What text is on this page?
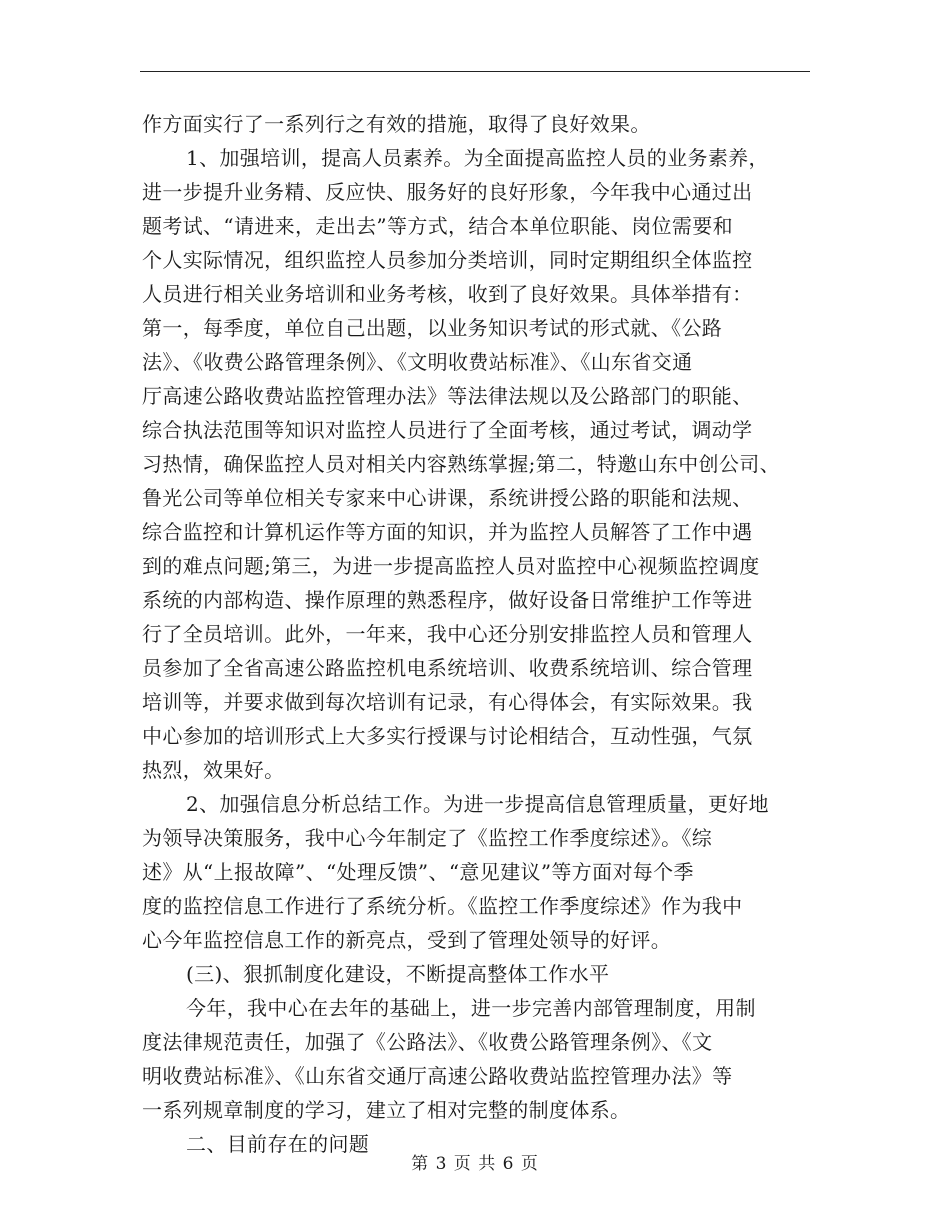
作方面实行了一系列行之有效的措施，取得了良好效果。
1、加强培训，提高人员素养。为全面提高监控人员的业务素养，
进一步提升业务精、反应快、服务好的良好形象，今年我中心通过出
题考试、“请进来，走出去”等方式，结合本单位职能、岗位需要和
个人实际情况，组织监控人员参加分类培训，同时定期组织全体监控
人员进行相关业务培训和业务考核，收到了良好效果。具体举措有：
第一，每季度，单位自己出题，以业务知识考试的形式就、《公路
法》、《收费公路管理条例》、《文明收费站标准》、《山东省交通
厅高速公路收费站监控管理办法》等法律法规以及公路部门的职能、
综合执法范围等知识对监控人员进行了全面考核，通过考试，调动学
习热情，确保监控人员对相关内容熟练掌握;第二，特邀山东中创公司、
鲁光公司等单位相关专家来中心讲课，系统讲授公路的职能和法规、
综合监控和计算机运作等方面的知识，并为监控人员解答了工作中遇
到的难点问题;第三，为进一步提高监控人员对监控中心视频监控调度
系统的内部构造、操作原理的熟悉程序，做好设备日常维护工作等进
行了全员培训。此外，一年来，我中心还分别安排监控人员和管理人
员参加了全省高速公路监控机电系统培训、收费系统培训、综合管理
培训等，并要求做到每次培训有记录，有心得体会，有实际效果。我
中心参加的培训形式上大多实行授课与讨论相结合，互动性强，气氛
热烈，效果好。
2、加强信息分析总结工作。为进一步提高信息管理质量，更好地
为领导决策服务，我中心今年制定了《监控工作季度综述》。《综
述》从“上报故障”、“处理反馈”、“意见建议”等方面对每个季
度的监控信息工作进行了系统分析。《监控工作季度综述》作为我中
心今年监控信息工作的新亮点，受到了管理处领导的好评。
(三)、狠抓制度化建设，不断提高整体工作水平
今年，我中心在去年的基础上，进一步完善内部管理制度，用制
度法律规范责任，加强了《公路法》、《收费公路管理条例》、《文
明收费站标准》、《山东省交通厅高速公路收费站监控管理办法》等
一系列规章制度的学习，建立了相对完整的制度体系。
二、目前存在的问题
第 3 页 共 6 页
